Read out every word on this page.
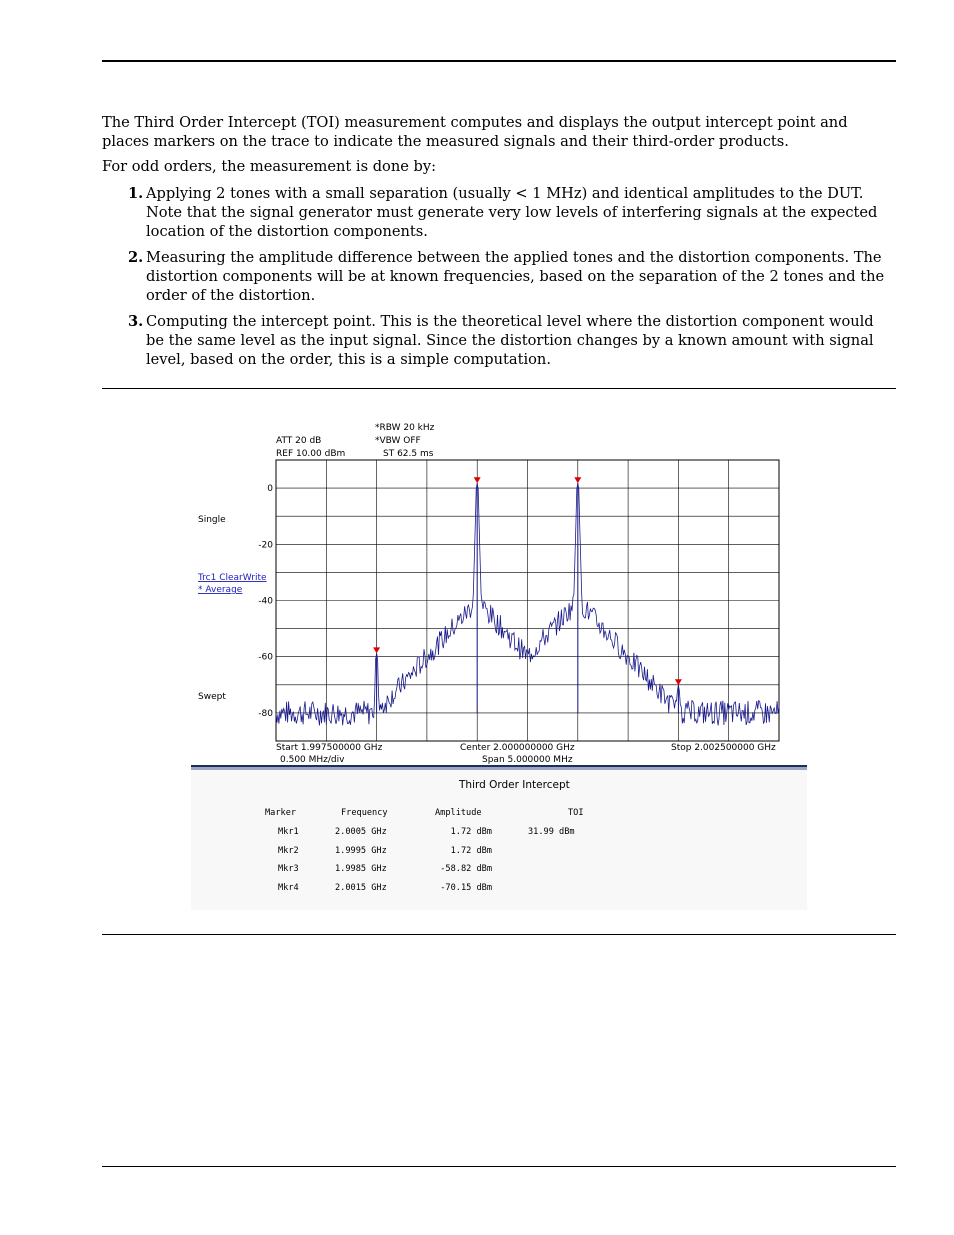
The Third Order Intercept (TOI) measurement computes and displays the output intercept point and places markers on the trace to indicate the measured signals and their third-order products.
For odd orders, the measurement is done by:
1. Applying 2 tones with a small separation (usually < 1 MHz) and identical amplitudes to the DUT. Note that the signal generator must generate very low levels of interfering signals at the expected location of the distortion components.
2. Measuring the amplitude difference between the applied tones and the distortion components. The distortion components will be at known frequencies, based on the separation of the 2 tones and the order of the distortion.
3. Computing the intercept point. This is the theoretical level where the distortion component would be the same level as the input signal. Since the distortion changes by a known amount with signal level, based on the order, this is a simple computation.
ATT 20 dB
REF 10.00 dBm
*RBW 20 kHz
*VBW OFF
ST 62.5 ms
Single
Trc1 ClearWrite
* Average
Swept
0
-20
-40
-60
-80
Start 1.997500000 GHz
0.500 MHz/div
Center 2.000000000 GHz
Span 5.000000 MHz
Stop 2.002500000 GHz
Third Order Intercept
Marker	Frequency	Amplitude	TOI
Mkr1	2.0005 GHz	1.72 dBm	31.99 dBm
Mkr2	1.9995 GHz	1.72 dBm
Mkr3	1.9985 GHz	-58.82 dBm
Mkr4	2.0015 GHz	-70.15 dBm
